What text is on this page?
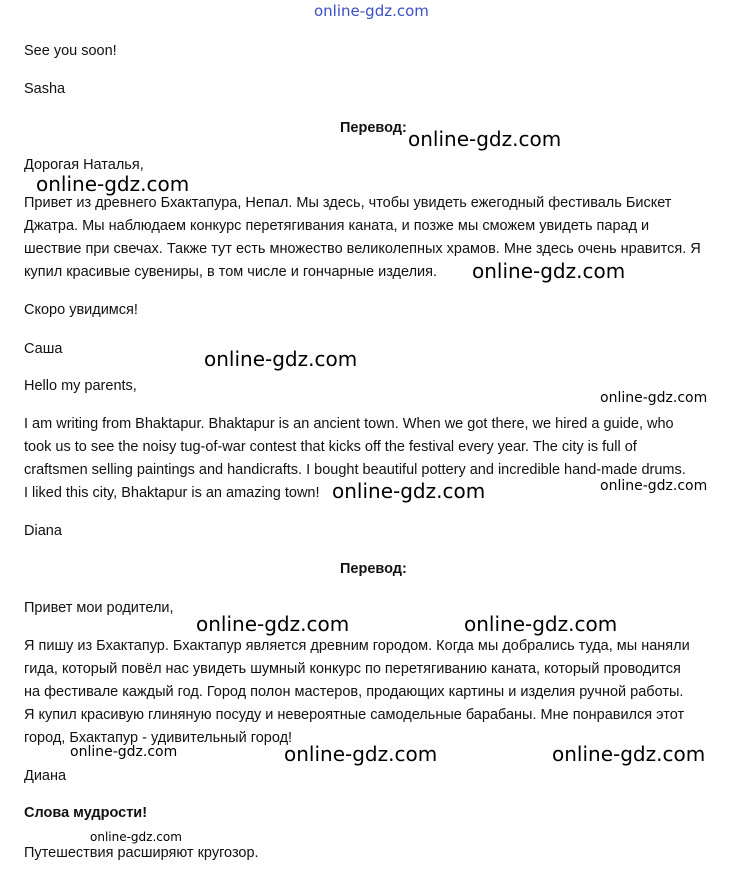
online-gdz.com
See you soon!
Sasha
Перевод: online-gdz.com
Дорогая Наталья,
online-gdz.com
Привет из древнего Бхактапура, Непал. Мы здесь, чтобы увидеть ежегодный фестиваль Бискет
Джатра. Мы наблюдаем конкурс перетягивания каната, и позже мы сможем увидеть парад и
шествие при свечах. Также тут есть множество великолепных храмов. Мне здесь очень нравится. Я
купил красивые сувениры, в том числе и гончарные изделия.	online-gdz.com
Скоро увидимся!
Саша	online-gdz.com
Hello my parents,
online-gdz.com
I am writing from Bhaktapur. Bhaktapur is an ancient town. When we got there, we hired a guide, who
took us to see the noisy tug-of-war contest that kicks off the festival every year. The city is full of
craftsmen selling paintings and handicrafts. I bought beautiful pottery and incredible hand-made drums.
I liked this city, Bhaktapur is an amazing town!	online-gdz.com
online-gdz.com
Diana
Перевод:
Привет мои родители,
online-gdz.com	online-gdz.com
Я пишу из Бхактапур. Бхактапур является древним городом. Когда мы добрались туда, мы наняли
гида, который повёл нас увидеть шумный конкурс по перетягиванию каната, который проводится
на фестивале каждый год. Город полон мастеров, продающих картины и изделия ручной работы.
Я купил красивую глиняную посуду и невероятные самодельные барабаны. Мне понравился этот
город, Бхактапур - удивительный город!
online-gdz.com	online-gdz.com	online-gdz.com
Диана
Слова мудрости!
online-gdz.com
Путешествия расширяют кругозор.
